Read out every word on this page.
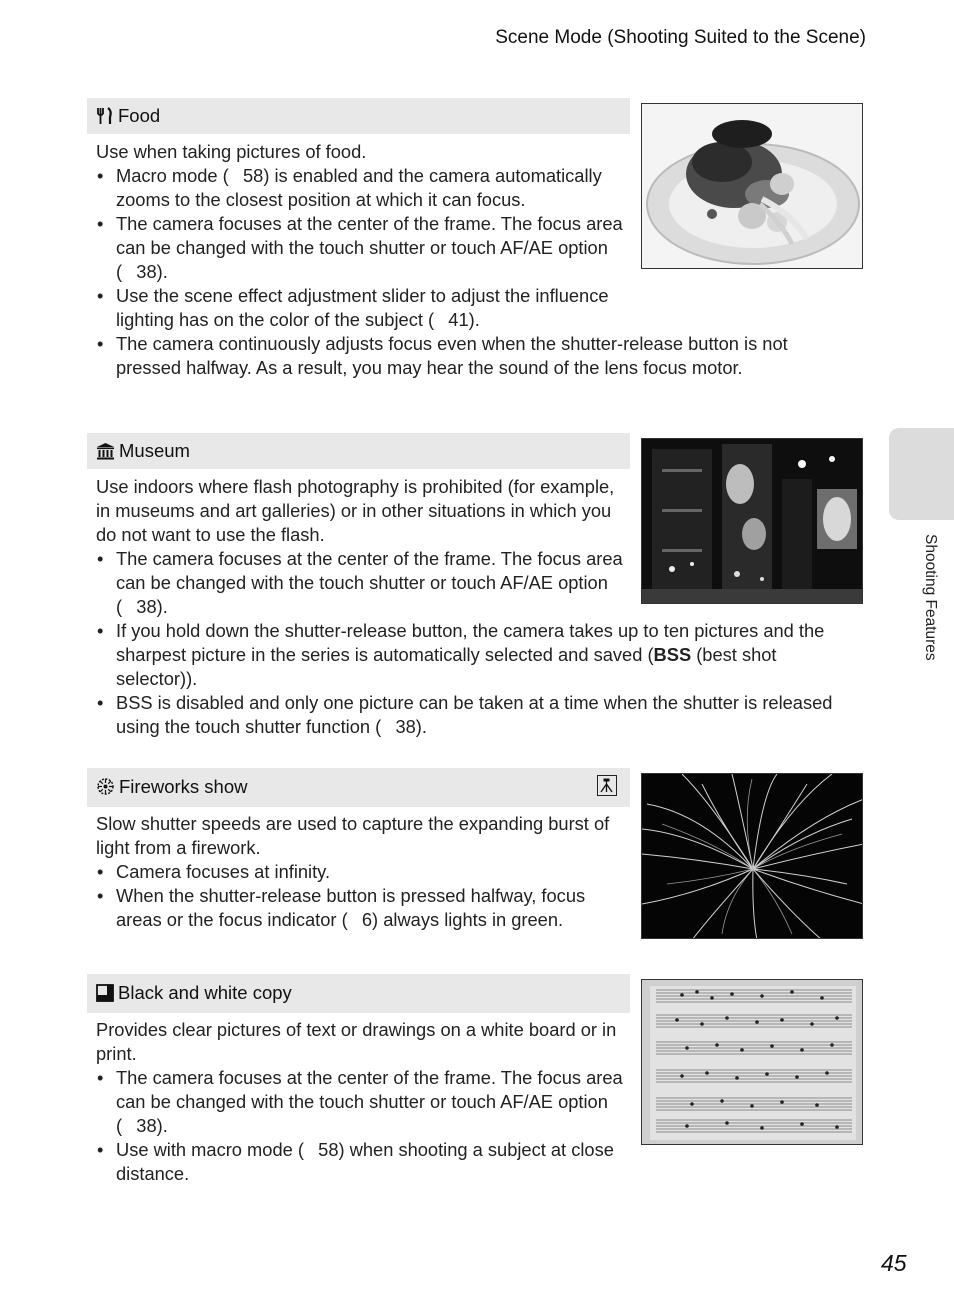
Scene Mode (Shooting Suited to the Scene)
Shooting Features
Food

Use when taking pictures of food.

• Macro mode (  58) is enabled and the camera automatically zooms to the closest position at which it can focus.
• The camera focuses at the center of the frame. The focus area can be changed with the touch shutter or touch AF/AE option (  38).
• Use the scene effect adjustment slider to adjust the influence lighting has on the color of the subject (  41).
• The camera continuously adjusts focus even when the shutter-release button is not pressed halfway. As a result, you may hear the sound of the lens focus motor.
Museum

Use indoors where flash photography is prohibited (for example, in museums and art galleries) or in other situations in which you do not want to use the flash.

• The camera focuses at the center of the frame. The focus area can be changed with the touch shutter or touch AF/AE option (  38).
• If you hold down the shutter-release button, the camera takes up to ten pictures and the sharpest picture in the series is automatically selected and saved (BSS (best shot selector)).
• BSS is disabled and only one picture can be taken at a time when the shutter is released using the touch shutter function (  38).
Fireworks show

Slow shutter speeds are used to capture the expanding burst of light from a firework.

• Camera focuses at infinity.
• When the shutter-release button is pressed halfway, focus areas or the focus indicator (  6) always lights in green.
Black and white copy

Provides clear pictures of text or drawings on a white board or in print.

• The camera focuses at the center of the frame. The focus area can be changed with the touch shutter or touch AF/AE option (  38).
• Use with macro mode (  58) when shooting a subject at close distance.
45
